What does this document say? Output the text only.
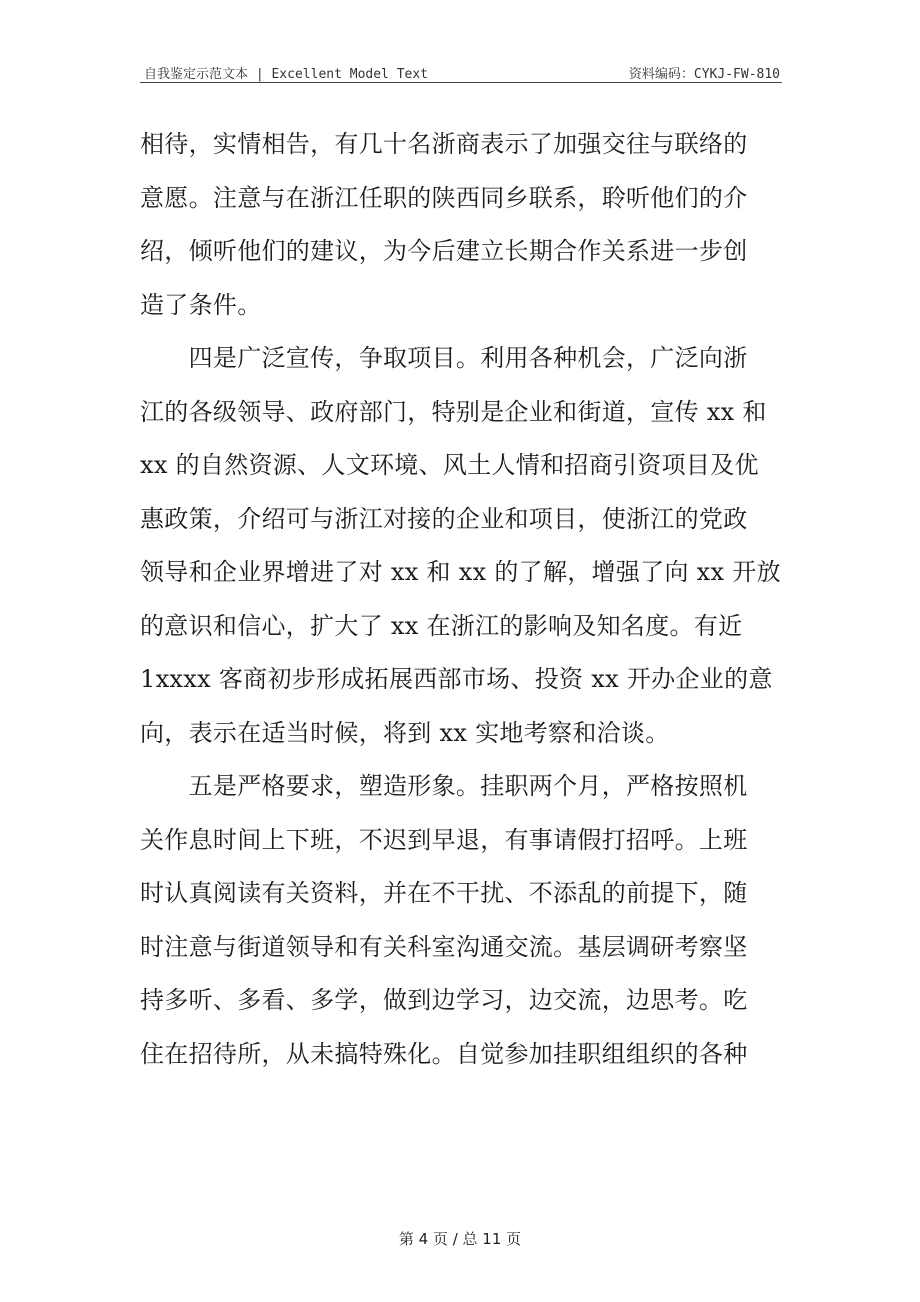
自我鉴定示范文本 | Excellent Model Text	资料编码：CYKJ-FW-810

相待，实情相告，有几十名浙商表示了加强交往与联络的
意愿。注意与在浙江任职的陕西同乡联系，聆听他们的介
绍，倾听他们的建议，为今后建立长期合作关系进一步创
造了条件。

　　四是广泛宣传，争取项目。利用各种机会，广泛向浙
江的各级领导、政府部门，特别是企业和街道，宣传 xx 和
xx 的自然资源、人文环境、风土人情和招商引资项目及优
惠政策，介绍可与浙江对接的企业和项目，使浙江的党政
领导和企业界增进了对 xx 和 xx 的了解，增强了向 xx 开放
的意识和信心，扩大了 xx 在浙江的影响及知名度。有近
1xxxx 客商初步形成拓展西部市场、投资 xx 开办企业的意
向，表示在适当时候，将到 xx 实地考察和洽谈。

　　五是严格要求，塑造形象。挂职两个月，严格按照机
关作息时间上下班，不迟到早退，有事请假打招呼。上班
时认真阅读有关资料，并在不干扰、不添乱的前提下，随
时注意与街道领导和有关科室沟通交流。基层调研考察坚
持多听、多看、多学，做到边学习，边交流，边思考。吃
住在招待所，从未搞特殊化。自觉参加挂职组组织的各种

第 4 页 / 总 11 页
